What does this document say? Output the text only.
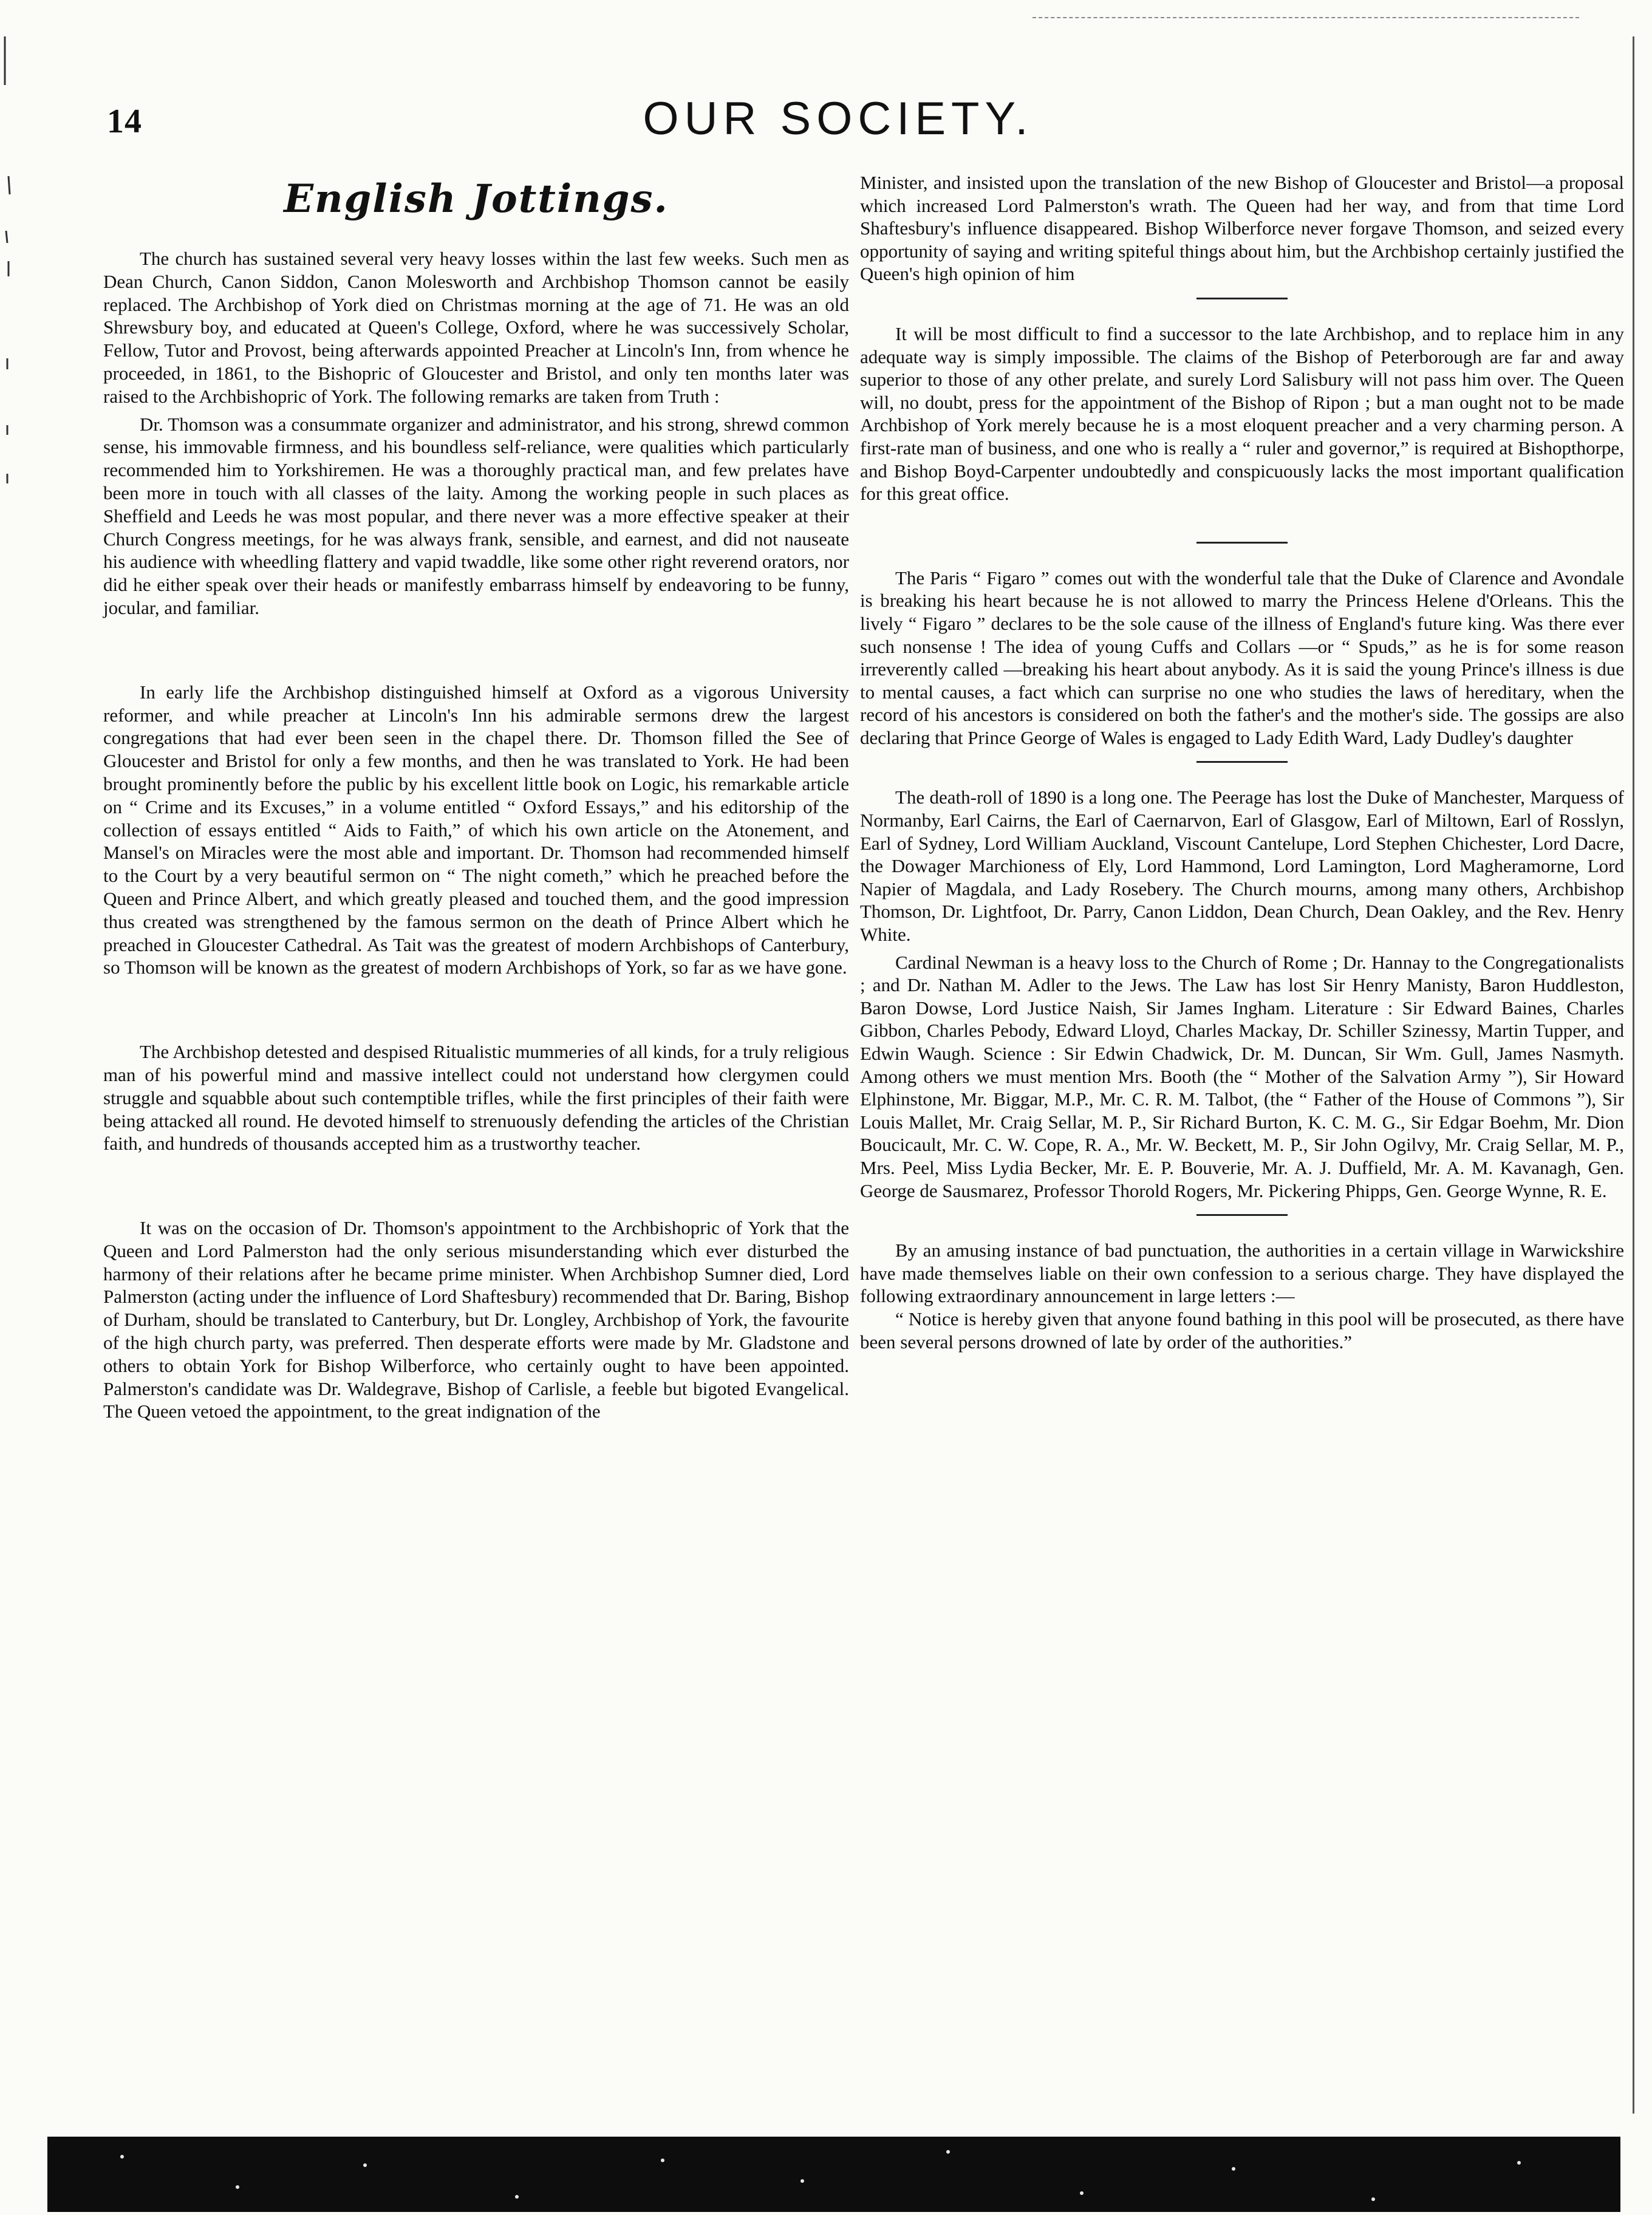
14	OUR SOCIETY.
English Jottings.

The church has sustained several very heavy losses within the last few weeks. Such men as Dean Church, Canon Siddon, Canon Molesworth and Archbishop Thomson cannot be easily replaced. The Archbishop of York died on Christmas morning at the age of 71. He was an old Shrewsbury boy, and educated at Queen's College, Oxford, where he was successively Scholar, Fellow, Tutor and Provost, being afterwards appointed Preacher at Lincoln's Inn, from whence he proceeded, in 1861, to the Bishopric of Gloucester and Bristol, and only ten months later was raised to the Archbishopric of York. The following remarks are taken from Truth :

Dr. Thomson was a consummate organizer and administrator, and his strong, shrewd common sense, his immovable firmness, and his boundless self-reliance, were qualities which particularly recommended him to Yorkshiremen. He was a thoroughly practical man, and few prelates have been more in touch with all classes of the laity. Among the working people in such places as Sheffield and Leeds he was most popular, and there never was a more effective speaker at their Church Congress meetings, for he was always frank, sensible, and earnest, and did not nauseate his audience with wheedling flattery and vapid twaddle, like some other right reverend orators, nor did he either speak over their heads or manifestly embarrass himself by endeavoring to be funny, jocular, and familiar.

In early life the Archbishop distinguished himself at Oxford as a vigorous University reformer, and while preacher at Lincoln's Inn his admirable sermons drew the largest congregations that had ever been seen in the chapel there. Dr. Thomson filled the See of Gloucester and Bristol for only a few months, and then he was translated to York. He had been brought prominently before the public by his excellent little book on Logic, his remarkable article on “ Crime and its Excuses,” in a volume entitled “ Oxford Essays,” and his editorship of the collection of essays entitled “ Aids to Faith,” of which his own article on the Atonement, and Mansel's on Miracles were the most able and important. Dr. Thomson had recommended himself to the Court by a very beautiful sermon on “ The night cometh,” which he preached before the Queen and Prince Albert, and which greatly pleased and touched them, and the good impression thus created was strengthened by the famous sermon on the death of Prince Albert which he preached in Gloucester Cathedral. As Tait was the greatest of modern Archbishops of Canterbury, so Thomson will be known as the greatest of modern Archbishops of York, so far as we have gone.

The Archbishop detested and despised Ritualistic mummeries of all kinds, for a truly religious man of his powerful mind and massive intellect could not understand how clergymen could struggle and squabble about such contemptible trifles, while the first principles of their faith were being attacked all round. He devoted himself to strenuously defending the articles of the Christian faith, and hundreds of thousands accepted him as a trustworthy teacher.

It was on the occasion of Dr. Thomson's appointment to the Archbishopric of York that the Queen and Lord Palmerston had the only serious misunderstanding which ever disturbed the harmony of their relations after he became prime minister. When Archbishop Sumner died, Lord Palmerston (acting under the influence of Lord Shaftesbury) recommended that Dr. Baring, Bishop of Durham, should be translated to Canterbury, but Dr. Longley, Archbishop of York, the favourite of the high church party, was preferred. Then desperate efforts were made by Mr. Gladstone and others to obtain York for Bishop Wilberforce, who certainly ought to have been appointed. Palmerston's candidate was Dr. Waldegrave, Bishop of Carlisle, a feeble but bigoted Evangelical. The Queen vetoed the appointment, to the great indignation of the

Minister, and insisted upon the translation of the new Bishop of Gloucester and Bristol—a proposal which increased Lord Palmerston's wrath. The Queen had her way, and from that time Lord Shaftesbury's influence disappeared. Bishop Wilberforce never forgave Thomson, and seized every opportunity of saying and writing spiteful things about him, but the Archbishop certainly justified the Queen's high opinion of him

It will be most difficult to find a successor to the late Archbishop, and to replace him in any adequate way is simply impossible. The claims of the Bishop of Peterborough are far and away superior to those of any other prelate, and surely Lord Salisbury will not pass him over. The Queen will, no doubt, press for the appointment of the Bishop of Ripon ; but a man ought not to be made Archbishop of York merely because he is a most eloquent preacher and a very charming person. A first-rate man of business, and one who is really a “ ruler and governor,” is required at Bishopthorpe, and Bishop Boyd-Carpenter undoubtedly and conspicuously lacks the most important qualification for this great office.

The Paris “ Figaro ” comes out with the wonderful tale that the Duke of Clarence and Avondale is breaking his heart because he is not allowed to marry the Princess Helene d'Orleans. This the lively “ Figaro ” declares to be the sole cause of the illness of England's future king. Was there ever such nonsense ! The idea of young Cuffs and Collars —or “ Spuds,” as he is for some reason irreverently called —breaking his heart about anybody. As it is said the young Prince's illness is due to mental causes, a fact which can surprise no one who studies the laws of hereditary, when the record of his ancestors is considered on both the father's and the mother's side. The gossips are also declaring that Prince George of Wales is engaged to Lady Edith Ward, Lady Dudley's daughter

The death-roll of 1890 is a long one. The Peerage has lost the Duke of Manchester, Marquess of Normanby, Earl Cairns, the Earl of Caernarvon, Earl of Glasgow, Earl of Miltown, Earl of Rosslyn, Earl of Sydney, Lord William Auckland, Viscount Cantelupe, Lord Stephen Chichester, Lord Dacre, the Dowager Marchioness of Ely, Lord Hammond, Lord Lamington, Lord Magheramorne, Lord Napier of Magdala, and Lady Rosebery. The Church mourns, among many others, Archbishop Thomson, Dr. Lightfoot, Dr. Parry, Canon Liddon, Dean Church, Dean Oakley, and the Rev. Henry White.

Cardinal Newman is a heavy loss to the Church of Rome ; Dr. Hannay to the Congregationalists ; and Dr. Nathan M. Adler to the Jews. The Law has lost Sir Henry Manisty, Baron Huddleston, Baron Dowse, Lord Justice Naish, Sir James Ingham. Literature : Sir Edward Baines, Charles Gibbon, Charles Pebody, Edward Lloyd, Charles Mackay, Dr. Schiller Szinessy, Martin Tupper, and Edwin Waugh. Science : Sir Edwin Chadwick, Dr. M. Duncan, Sir Wm. Gull, James Nasmyth. Among others we must mention Mrs. Booth (the “ Mother of the Salvation Army ”), Sir Howard Elphinstone, Mr. Biggar, M.P., Mr. C. R. M. Talbot, (the “ Father of the House of Commons ”), Sir Louis Mallet, Mr. Craig Sellar, M. P., Sir Richard Burton, K. C. M. G., Sir Edgar Boehm, Mr. Dion Boucicault, Mr. C. W. Cope, R. A., Mr. W. Beckett, M. P., Sir John Ogilvy, Mr. Craig Sellar, M. P., Mrs. Peel, Miss Lydia Becker, Mr. E. P. Bouverie, Mr. A. J. Duffield, Mr. A. M. Kavanagh, Gen. George de Sausmarez, Professor Thorold Rogers, Mr. Pickering Phipps, Gen. George Wynne, R. E.

By an amusing instance of bad punctuation, the authorities in a certain village in Warwickshire have made themselves liable on their own confession to a serious charge. They have displayed the following extraordinary announcement in large letters :—

“ Notice is hereby given that anyone found bathing in this pool will be prosecuted, as there have been several persons drowned of late by order of the authorities.”
